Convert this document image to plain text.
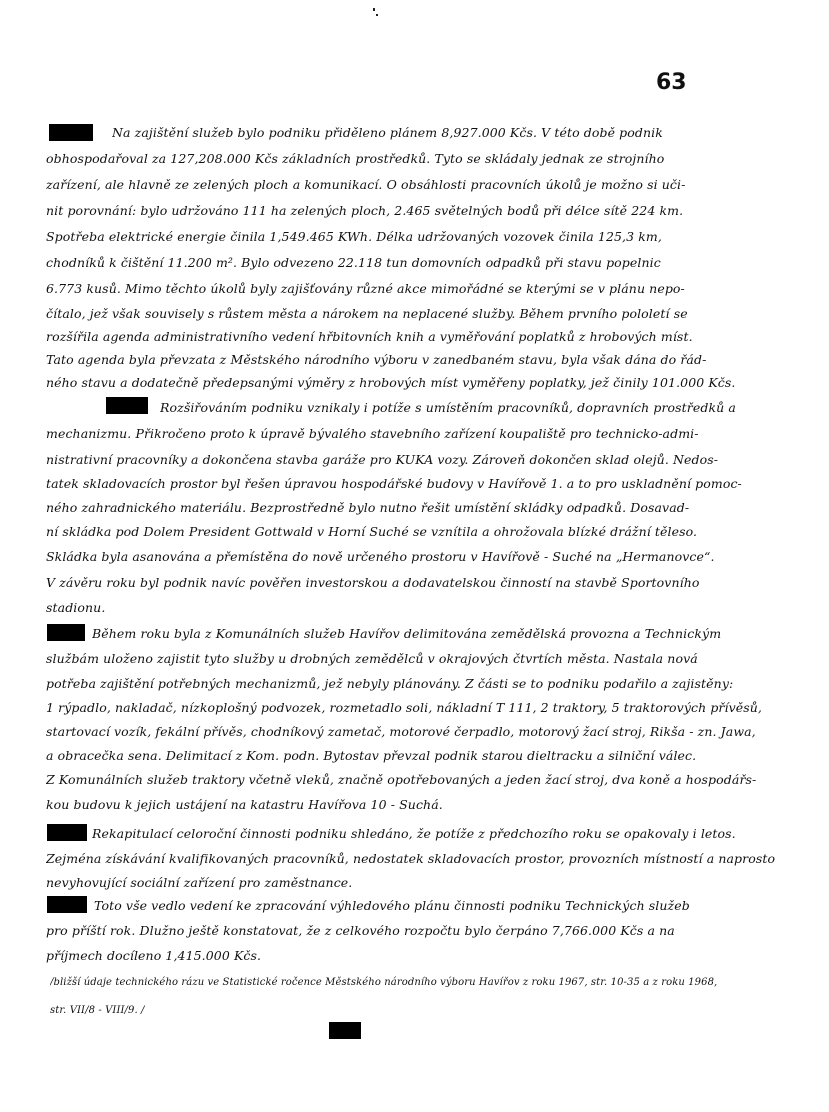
63
Na zajištění služeb bylo podniku přiděleno plánem 8,927.000 Kčs. V této době podnik
obhospodařoval za 127,208.000 Kčs základních prostředků. Tyto se skládaly jednak ze strojního
zařízení, ale hlavně ze zelených ploch a komunikací. O obsáhlosti pracovních úkolů je možno si uči-
nit porovnání: bylo udržováno 111 ha zelených ploch, 2.465 světelných bodů při délce sítě 224 km.
Spotřeba elektrické energie činila 1,549.465 KWh. Délka udržovaných vozovek činila 125,3 km,
chodníků k čištění 11.200 m². Bylo odvezeno 22.118 tun domovních odpadků při stavu popelnic
6.773 kusů. Mimo těchto úkolů byly zajišťovány různé akce mimořádné se kterými se v plánu nepo-
čítalo, jež však souvisely s růstem města a nárokem na neplacené služby. Během prvního pololetí se
rozšířila agenda administrativního vedení hřbitovních knih a vyměřování poplatků z hrobových míst.
Tato agenda byla převzata z Městského národního výboru v zanedbaném stavu, byla však dána do řád-
ného stavu a dodatečně předepsanými výměry z hrobových míst vyměřeny poplatky, jež činily 101.000 Kčs.
Rozšiřováním podniku vznikaly i potíže s umístěním pracovníků, dopravních prostředků a
mechanizmu. Přikročeno proto k úpravě bývalého stavebního zařízení koupaliště pro technicko-admi-
nistrativní pracovníky a dokončena stavba garáže pro KUKA vozy. Zároveň dokončen sklad olejů. Nedos-
tatek skladovacích prostor byl řešen úpravou hospodářské budovy v Havířově 1. a to pro uskladnění pomoc-
ného zahradnického materiálu. Bezprostředně bylo nutno řešit umístění skládky odpadků. Dosavad-
ní skládka pod Dolem President Gottwald v Horní Suché se vznítila a ohrožovala blízké drážní těleso.
Skládka byla asanována a přemístěna do nově určeného prostoru v Havířově - Suché na „Hermanovce“.
V závěru roku byl podnik navíc pověřen investorskou a dodavatelskou činností na stavbě Sportovního
stadionu.
Během roku byla z Komunálních služeb Havířov delimitována zemědělská provozna a Technickým
službám uloženo zajistit tyto služby u drobných zemědělců v okrajových čtvrtích města. Nastala nová
potřeba zajištění potřebných mechanizmů, jež nebyly plánovány. Z části se to podniku podařilo a zajistěny:
1 rýpadlo, nakladač, nízkoplošný podvozek, rozmetadlo soli, nákladní T 111, 2 traktory, 5 traktorových přívěsů,
startovací vozík, fekální přívěs, chodníkový zametač, motorové čerpadlo, motorový žací stroj, Rikša - zn. Jawa,
a obracečka sena. Delimitací z Kom. podn. Bytostav převzal podnik starou dieltracku a silniční válec.
Z Komunálních služeb traktory včetně vleků, značně opotřebovaných a jeden žací stroj, dva koně a hospodářs-
kou budovu k jejich ustájení na katastru Havířova 10 - Suchá.
Rekapitulací celoroční činnosti podniku shledáno, že potíže z předchozího roku se opakovaly i letos.
Zejména získávání kvalifikovaných pracovníků, nedostatek skladovacích prostor, provozních místností a naprosto
nevyhovující sociální zařízení pro zaměstnance.
Toto vše vedlo vedení ke zpracování výhledového plánu činnosti podniku Technických služeb
pro příští rok. Dlužno ještě konstatovat, že z celkového rozpočtu bylo čerpáno 7,766.000 Kčs a na
příjmech docíleno 1,415.000 Kčs.
/bližší údaje technického rázu ve Statistické ročence Městského národního výboru Havířov z roku 1967, str. 10-35 a z roku 1968,
str. VII/8 - VIII/9. /
